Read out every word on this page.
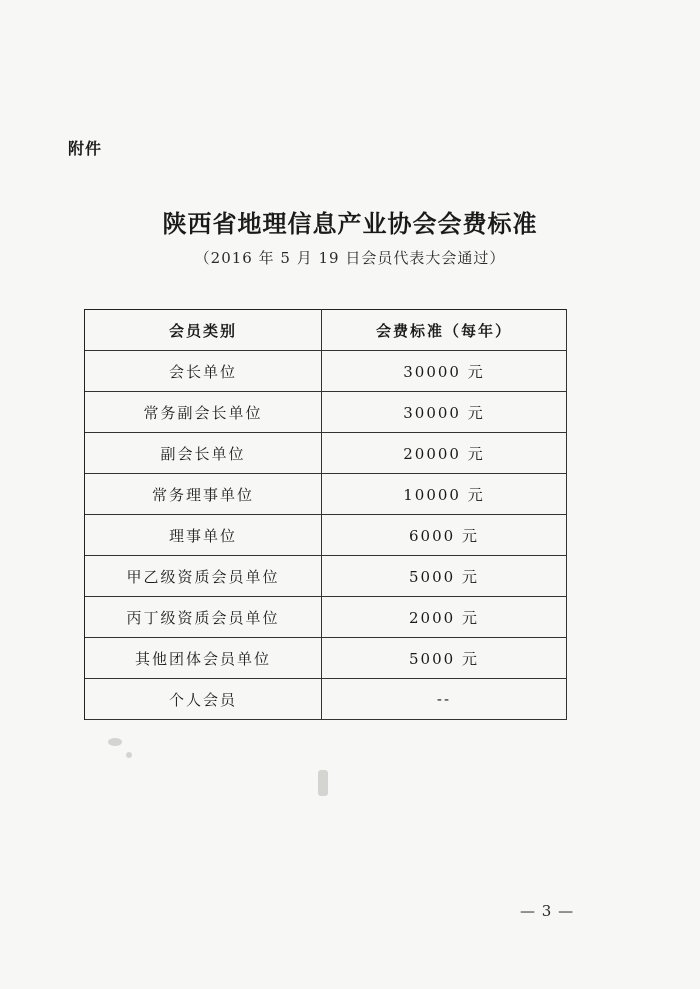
附件
陕西省地理信息产业协会会费标准
（2016 年 5 月 19 日会员代表大会通过）
会员类别	会费标准（每年）
会长单位	30000 元
常务副会长单位	30000 元
副会长单位	20000 元
常务理事单位	10000 元
理事单位	6000 元
甲乙级资质会员单位	5000 元
丙丁级资质会员单位	2000 元
其他团体会员单位	5000 元
个人会员	--
— 3 —
